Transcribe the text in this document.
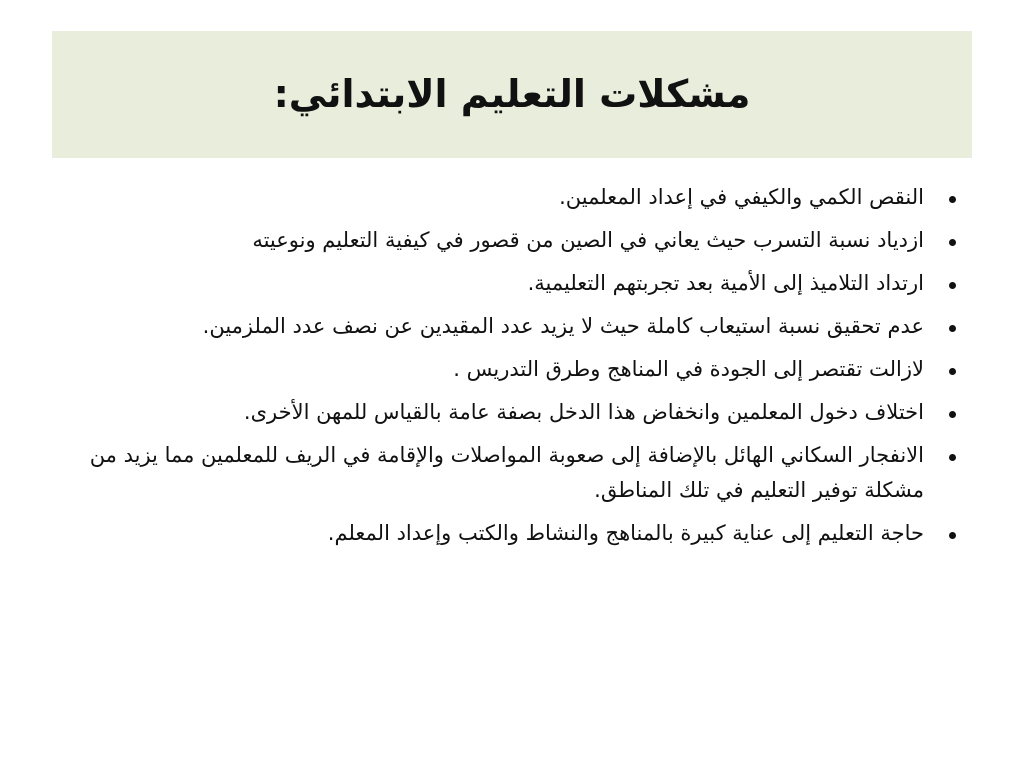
مشكلات التعليم الابتدائي:
النقص الكمي والكيفي في إعداد المعلمين.
ازدياد نسبة التسرب حيث يعاني في الصين من قصور في كيفية التعليم ونوعيته
ارتداد التلاميذ إلى الأمية بعد تجربتهم التعليمية.
عدم تحقيق نسبة استيعاب كاملة حيث لا يزيد عدد المقيدين عن نصف عدد الملزمين.
لازالت تقتصر إلى الجودة في المناهج وطرق التدريس .
اختلاف دخول المعلمين وانخفاض هذا الدخل بصفة عامة بالقياس للمهن الأخرى.
الانفجار السكاني الهائل بالإضافة إلى صعوبة المواصلات والإقامة في الريف للمعلمين مما يزيد من مشكلة توفير التعليم في تلك المناطق.
حاجة التعليم إلى عناية كبيرة بالمناهج والنشاط والكتب وإعداد المعلم.
